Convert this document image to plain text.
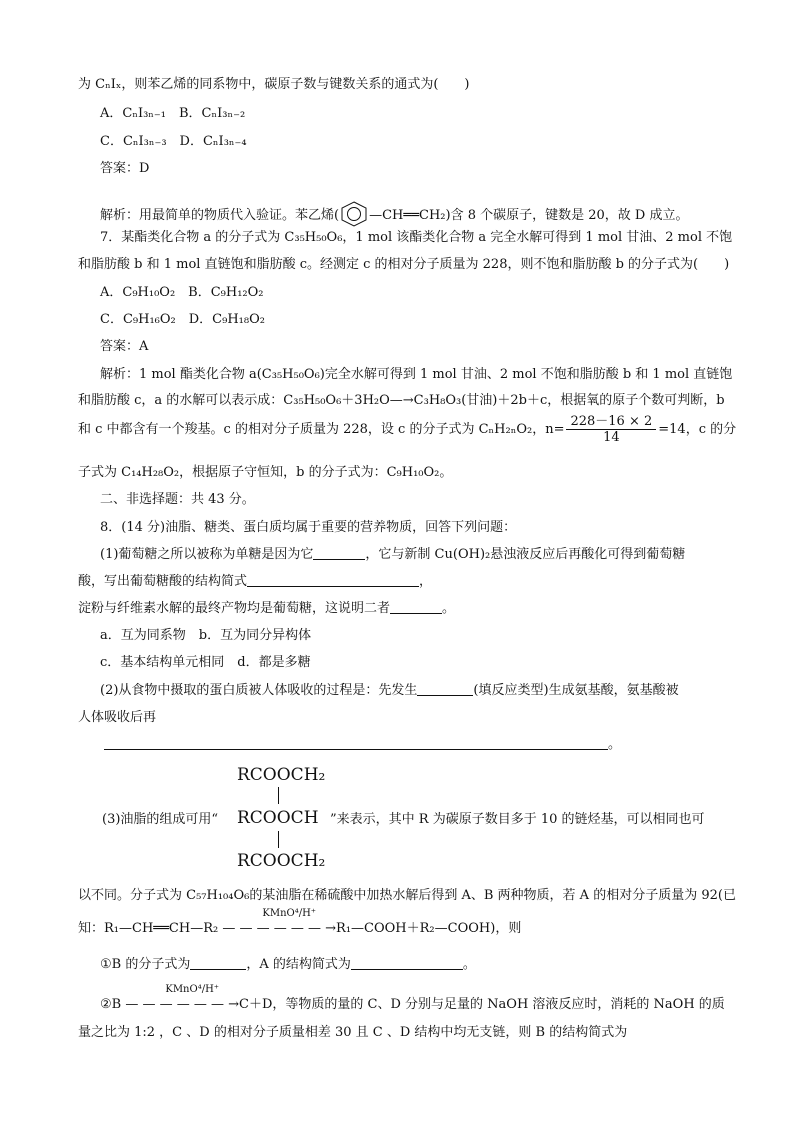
为 CₙIₓ，则苯乙烯的同系物中，碳原子数与键数关系的通式为(　　)
A．CₙI₃ₙ₋₁　B．CₙI₃ₙ₋₂
C．CₙI₃ₙ₋₃　D．CₙI₃ₙ₋₄
答案：D
解析：用最简单的物质代入验证。苯乙烯( —CH══CH₂)含 8 个碳原子，键数是 20，故 D 成立。
7．某酯类化合物 a 的分子式为 C₃₅H₅₀O₆，1 mol 该酯类化合物 a 完全水解可得到 1 mol 甘油、2 mol 不饱
和脂肪酸 b 和 1 mol 直链饱和脂肪酸 c。经测定 c 的相对分子质量为 228，则不饱和脂肪酸 b 的分子式为(　　)
A．C₉H₁₀O₂　B．C₉H₁₂O₂
C．C₉H₁₆O₂　D．C₉H₁₈O₂
答案：A
解析：1 mol 酯类化合物 a(C₃₅H₅₀O₆)完全水解可得到 1 mol 甘油、2 mol 不饱和脂肪酸 b 和 1 mol 直链饱
和脂肪酸 c，a 的水解可以表示成：C₃₅H₅₀O₆＋3H₂O—→C₃H₈O₃(甘油)＋2b＋c，根据氧的原子个数可判断，b
和 c 中都含有一个羧基。c 的相对分子质量为 228，设 c 的分子式为 CₙH₂ₙO₂，$n= \frac{228-16 \times 2}{14} =14$，c 的分
子式为 C₁₄H₂₈O₂，根据原子守恒知，b 的分子式为：C₉H₁₀O₂。
二、非选择题：共 43 分。
8．(14 分)油脂、糖类、蛋白质均属于重要的营养物质，回答下列问题：
(1)葡萄糖之所以被称为单糖是因为它	，它与新制 Cu(OH)₂悬浊液反应后再酸化可得到葡萄糖
酸，写出葡萄糖酸的结构简式	，
淀粉与纤维素水解的最终产物均是葡萄糖，这说明二者	。
a．互为同系物　b．互为同分异构体
c．基本结构单元相同　d．都是多糖
(2)从食物中摄取的蛋白质被人体吸收的过程是：先发生	(填反应类型)生成氨基酸，氨基酸被
人体吸收后再
。
RCOOCH₂
RCOOCH
RCOOCH₂
(3)油脂的组成可用“	”来表示，其中 R 为碳原子数目多于 10 的链烃基，可以相同也可
以不同。分子式为 C₅₇H₁₀₄O₆的某油脂在稀硫酸中加热水解后得到 A、B 两种物质，若 A 的相对分子质量为 92(已
知：R₁—CH══CH—R₂
KMnO⁴/H⁺
— — — — — — →R₁—COOH＋R₂—COOH)，则
①B 的分子式为	，A 的结构简式为	。
②B
KMnO⁴/H⁺
— — — — — — →C＋D，等物质的量的 C、D 分别与足量的 NaOH 溶液反应时，消耗的 NaOH 的质
量之比为 1:2 ，C 、D 的相对分子质量相差 30 且 C 、D 结构中均无支链，则 B 的结构简式为
